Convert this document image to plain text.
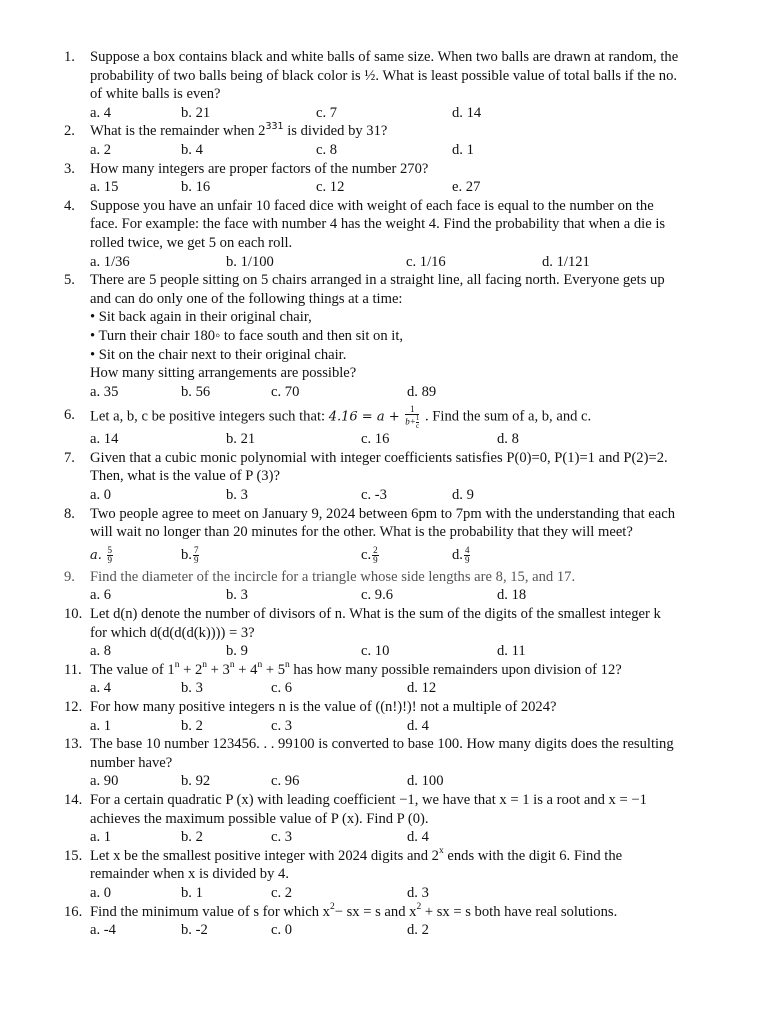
1.	Suppose a box contains black and white balls of same size. When two balls are drawn at random, the
probability of two balls being of black color is ½. What is least possible value of total balls if the no.
of white balls is even?
a. 4	b. 21	c. 7	d. 14
2.	What is the remainder when $2^{331}$ is divided by 31?
a. 2	b. 4	c. 8	d. 1
3.	How many integers are proper factors of the number 270?
a. 15	b. 16	c. 12	e. 27
4.	Suppose you have an unfair 10 faced dice with weight of each face is equal to the number on the
face. For example: the face with number 4 has the weight 4. Find the probability that when a die is
rolled twice, we get 5 on each roll.
a. 1/36	b. 1/100	c. 1/16	d. 1/121
5.	There are 5 people sitting on 5 chairs arranged in a straight line, all facing north. Everyone gets up
and can do only one of the following things at a time:
• Sit back again in their original chair,
• Turn their chair 180◦ to face south and then sit on it,
• Sit on the chair next to their original chair.
How many sitting arrangements are possible?
a. 35	b. 56	c. 70	d. 89
6.	Let a, b, c be positive integers such that: $4.16 = a + \frac{1}{b+ \frac{1}{c}}$ . Find the sum of a, b, and c.
a. 14	b. 21	c. 16	d. 8
7.	Given that a cubic monic polynomial with integer coefficients satisfies P(0)=0, P(1)=1 and P(2)=2.
Then, what is the value of P (3)?
a. 0	b. 3	c. -3	d. 9
8.	Two people agree to meet on January 9, 2024 between 6pm to 7pm with the understanding that each
will wait no longer than 20 minutes for the other. What is the probability that they will meet?
a. $\frac{5}{9}$	b. $\frac{7}{9}$	c. $\frac{2}{9}$	d. $\frac{4}{9}$
9.	Find the diameter of the incircle for a triangle whose side lengths are 8, 15, and 17.
a. 6	b. 3	c. 9.6	d. 18
10. Let d(n) denote the number of divisors of n. What is the sum of the digits of the smallest integer k
for which d(d(d(d(k)))) = 3?
a. 8	b. 9	c. 10	d. 11
11. The value of $1^n + 2^n + 3^n + 4^n + 5^n$ has how many possible remainders upon division of 12?
a. 4	b. 3	c. 6	d. 12
12. For how many positive integers n is the value of ((n!)!)! not a multiple of 2024?
a. 1	b. 2	c. 3	d. 4
13. The base 10 number 123456. . . 99100 is converted to base 100. How many digits does the resulting
number have?
a. 90	b. 92	c. 96	d. 100
14. For a certain quadratic P (x) with leading coefficient −1, we have that x = 1 is a root and x = −1
achieves the maximum possible value of P (x). Find P (0).
a. 1	b. 2	c. 3	d. 4
15. Let x be the smallest positive integer with 2024 digits and 2$^x$ ends with the digit 6. Find the
remainder when x is divided by 4.
a. 0	b. 1	c. 2	d. 3
16. Find the minimum value of s for which $x^2-$ sx = s and $x^2$ + sx = s both have real solutions.
a. -4	b. -2	c. 0	d. 2
